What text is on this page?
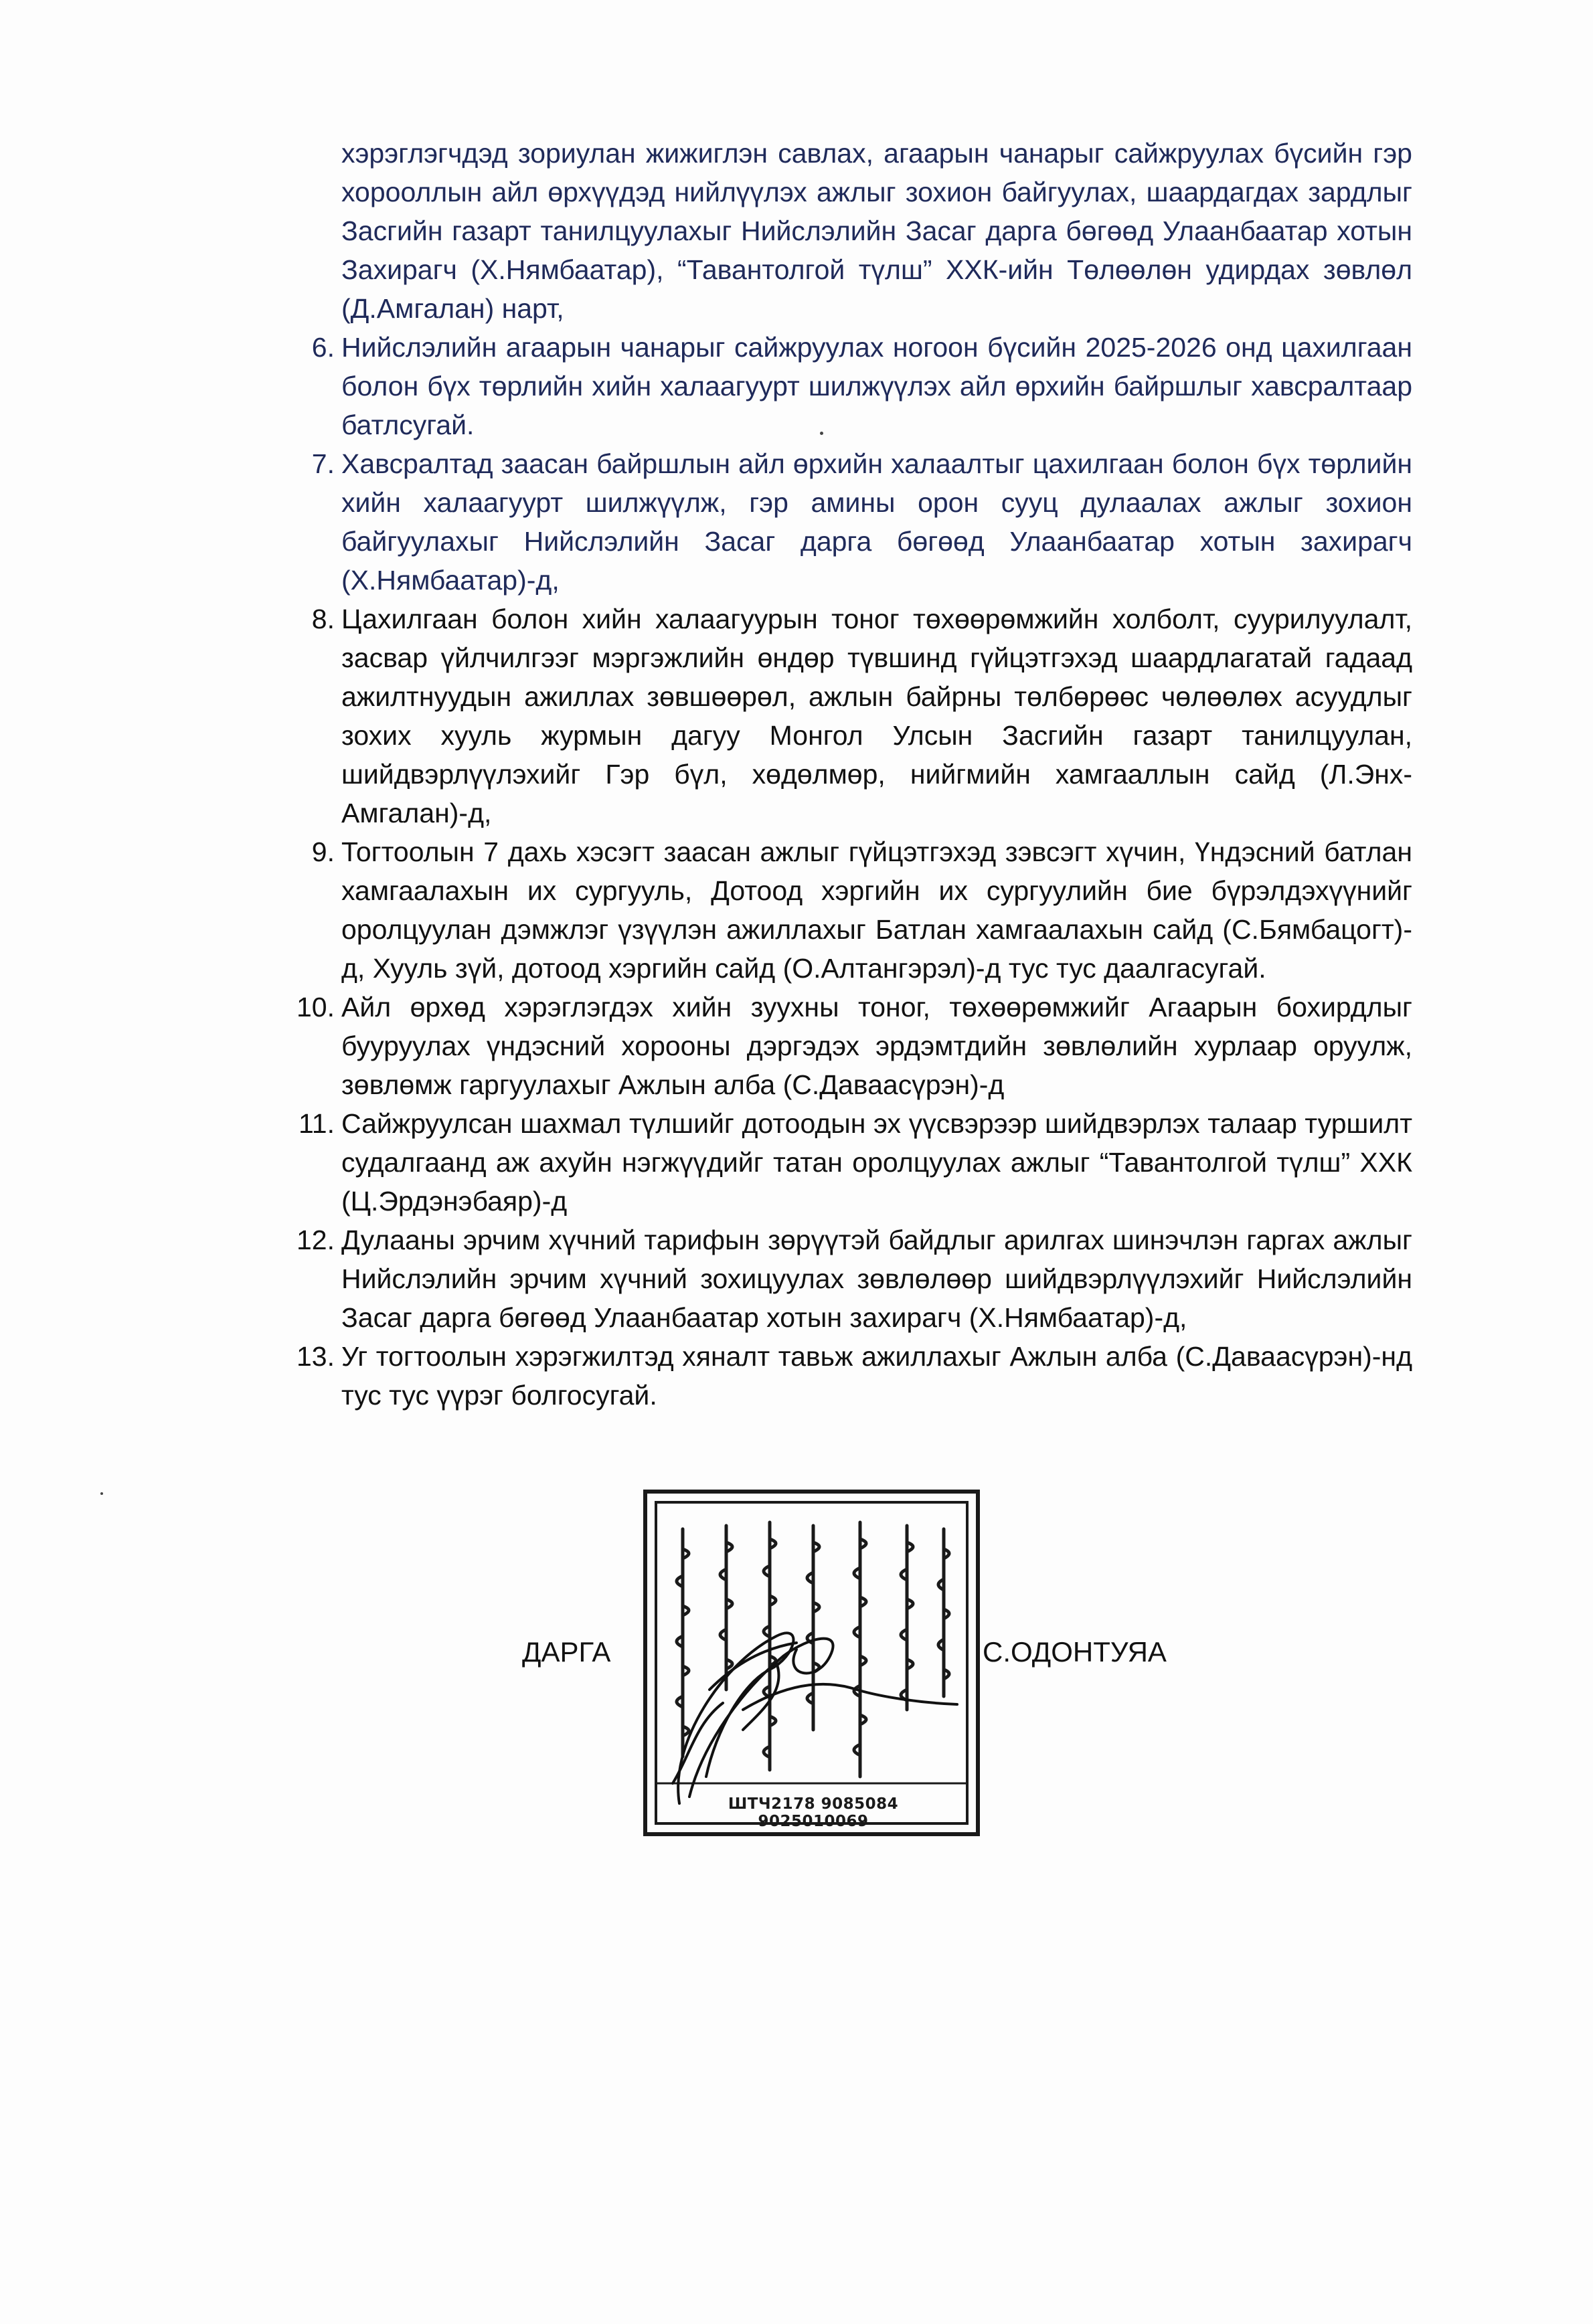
хэрэглэгчдэд зориулан жижиглэн савлах, агаарын чанарыг сайжруулах бүсийн гэр хорооллын айл өрхүүдэд нийлүүлэх ажлыг зохион байгуулах, шаардагдах зардлыг Засгийн газарт танилцуулахыг Нийслэлийн Засаг дарга бөгөөд Улаанбаатар хотын Захирагч (Х.Нямбаатар), “Тавантолгой түлш” ХХК-ийн Төлөөлөн удирдах зөвлөл (Д.Амгалан) нарт,

6. Нийслэлийн агаарын чанарыг сайжруулах ногоон бүсийн 2025-2026 онд цахилгаан болон бүх төрлийн хийн халаагуурт шилжүүлэх айл өрхийн байршлыг хавсралтаар батлсугай.
7. Хавсралтад заасан байршлын айл өрхийн халаалтыг цахилгаан болон бүх төрлийн хийн халаагуурт шилжүүлж, гэр амины орон сууц дулаалах ажлыг зохион байгуулахыг Нийслэлийн Засаг дарга бөгөөд Улаанбаатар хотын захирагч (Х.Нямбаатар)-д,
8. Цахилгаан болон хийн халаагуурын тоног төхөөрөмжийн холболт, суурилуулалт, засвар үйлчилгээг мэргэжлийн өндөр түвшинд гүйцэтгэхэд шаардлагатай гадаад ажилтнуудын ажиллах зөвшөөрөл, ажлын байрны төлбөрөөс чөлөөлөх асуудлыг зохих хууль журмын дагуу Монгол Улсын Засгийн газарт танилцуулан, шийдвэрлүүлэхийг Гэр бүл, хөдөлмөр, нийгмийн хамгааллын сайд (Л.Энх-Амгалан)-д,
9. Тогтоолын 7 дахь хэсэгт заасан ажлыг гүйцэтгэхэд зэвсэгт хүчин, Үндэсний батлан хамгаалахын их сургууль, Дотоод хэргийн их сургуулийн бие бүрэлдэхүүнийг оролцуулан дэмжлэг үзүүлэн ажиллахыг Батлан хамгаалахын сайд (С.Бямбацогт)-д, Хууль зүй, дотоод хэргийн сайд (О.Алтангэрэл)-д тус тус даалгасугай.
10. Айл өрхөд хэрэглэгдэх хийн зуухны тоног, төхөөрөмжийг Агаарын бохирдлыг бууруулах үндэсний хорооны дэргэдэх эрдэмтдийн зөвлөлийн хурлаар оруулж, зөвлөмж гаргуулахыг Ажлын алба (С.Даваасүрэн)-д
11. Сайжруулсан шахмал түлшийг дотоодын эх үүсвэрээр шийдвэрлэх талаар туршилт судалгаанд аж ахуйн нэгжүүдийг татан оролцуулах ажлыг “Тавантолгой түлш” ХХК (Ц.Эрдэнэбаяр)-д
12. Дулааны эрчим хүчний тарифын зөрүүтэй байдлыг арилгах шинэчлэн гаргах ажлыг Нийслэлийн эрчим хүчний зохицуулах зөвлөлөөр шийдвэрлүүлэхийг Нийслэлийн Засаг дарга бөгөөд Улаанбаатар хотын захирагч (Х.Нямбаатар)-д,
13. Уг тогтоолын хэрэгжилтэд хяналт тавьж ажиллахыг Ажлын алба (С.Даваасүрэн)-нд тус тус үүрэг болгосугай.
ДАРГА
ШТЧ2178 9085084 9025010069
С.ОДОНТУЯА
